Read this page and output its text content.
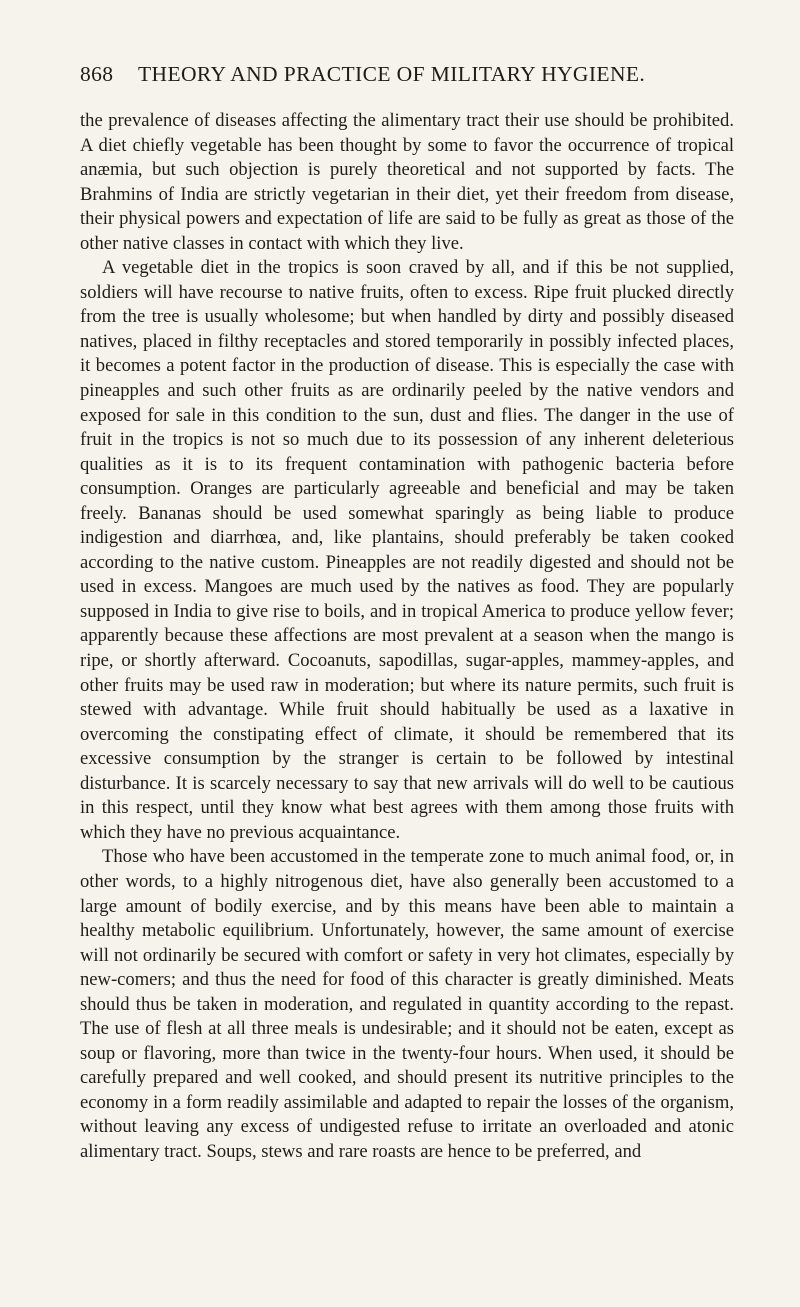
868	THEORY AND PRACTICE OF MILITARY HYGIENE.

the prevalence of diseases affecting the alimentary tract their use should be prohibited. A diet chiefly vegetable has been thought by some to favor the occurrence of tropical anæmia, but such objection is purely theoretical and not supported by facts. The Brahmins of India are strictly vegetarian in their diet, yet their freedom from disease, their physical powers and expectation of life are said to be fully as great as those of the other native classes in contact with which they live.

A vegetable diet in the tropics is soon craved by all, and if this be not supplied, soldiers will have recourse to native fruits, often to excess. Ripe fruit plucked directly from the tree is usually wholesome; but when handled by dirty and possibly diseased natives, placed in filthy receptacles and stored temporarily in possibly infected places, it becomes a potent factor in the production of disease. This is especially the case with pineapples and such other fruits as are ordinarily peeled by the native vendors and exposed for sale in this condition to the sun, dust and flies. The danger in the use of fruit in the tropics is not so much due to its possession of any inherent deleterious qualities as it is to its frequent contamination with pathogenic bacteria before consumption. Oranges are particularly agreeable and beneficial and may be taken freely. Bananas should be used somewhat sparingly as being liable to produce indigestion and diarrhœa, and, like plantains, should preferably be taken cooked according to the native custom. Pineapples are not readily digested and should not be used in excess. Mangoes are much used by the natives as food. They are popularly supposed in India to give rise to boils, and in tropical America to produce yellow fever; apparently because these affections are most prevalent at a season when the mango is ripe, or shortly afterward. Cocoanuts, sapodillas, sugar-apples, mammey-apples, and other fruits may be used raw in moderation; but where its nature permits, such fruit is stewed with advantage. While fruit should habitually be used as a laxative in overcoming the constipating effect of climate, it should be remembered that its excessive consumption by the stranger is certain to be followed by intestinal disturbance. It is scarcely necessary to say that new arrivals will do well to be cautious in this respect, until they know what best agrees with them among those fruits with which they have no previous acquaintance.

Those who have been accustomed in the temperate zone to much animal food, or, in other words, to a highly nitrogenous diet, have also generally been accustomed to a large amount of bodily exercise, and by this means have been able to maintain a healthy metabolic equilibrium. Unfortunately, however, the same amount of exercise will not ordinarily be secured with comfort or safety in very hot climates, especially by new-comers; and thus the need for food of this character is greatly diminished. Meats should thus be taken in moderation, and regulated in quantity according to the repast. The use of flesh at all three meals is undesirable; and it should not be eaten, except as soup or flavoring, more than twice in the twenty-four hours. When used, it should be carefully prepared and well cooked, and should present its nutritive principles to the economy in a form readily assimilable and adapted to repair the losses of the organism, without leaving any excess of undigested refuse to irritate an overloaded and atonic alimentary tract. Soups, stews and rare roasts are hence to be preferred, and
